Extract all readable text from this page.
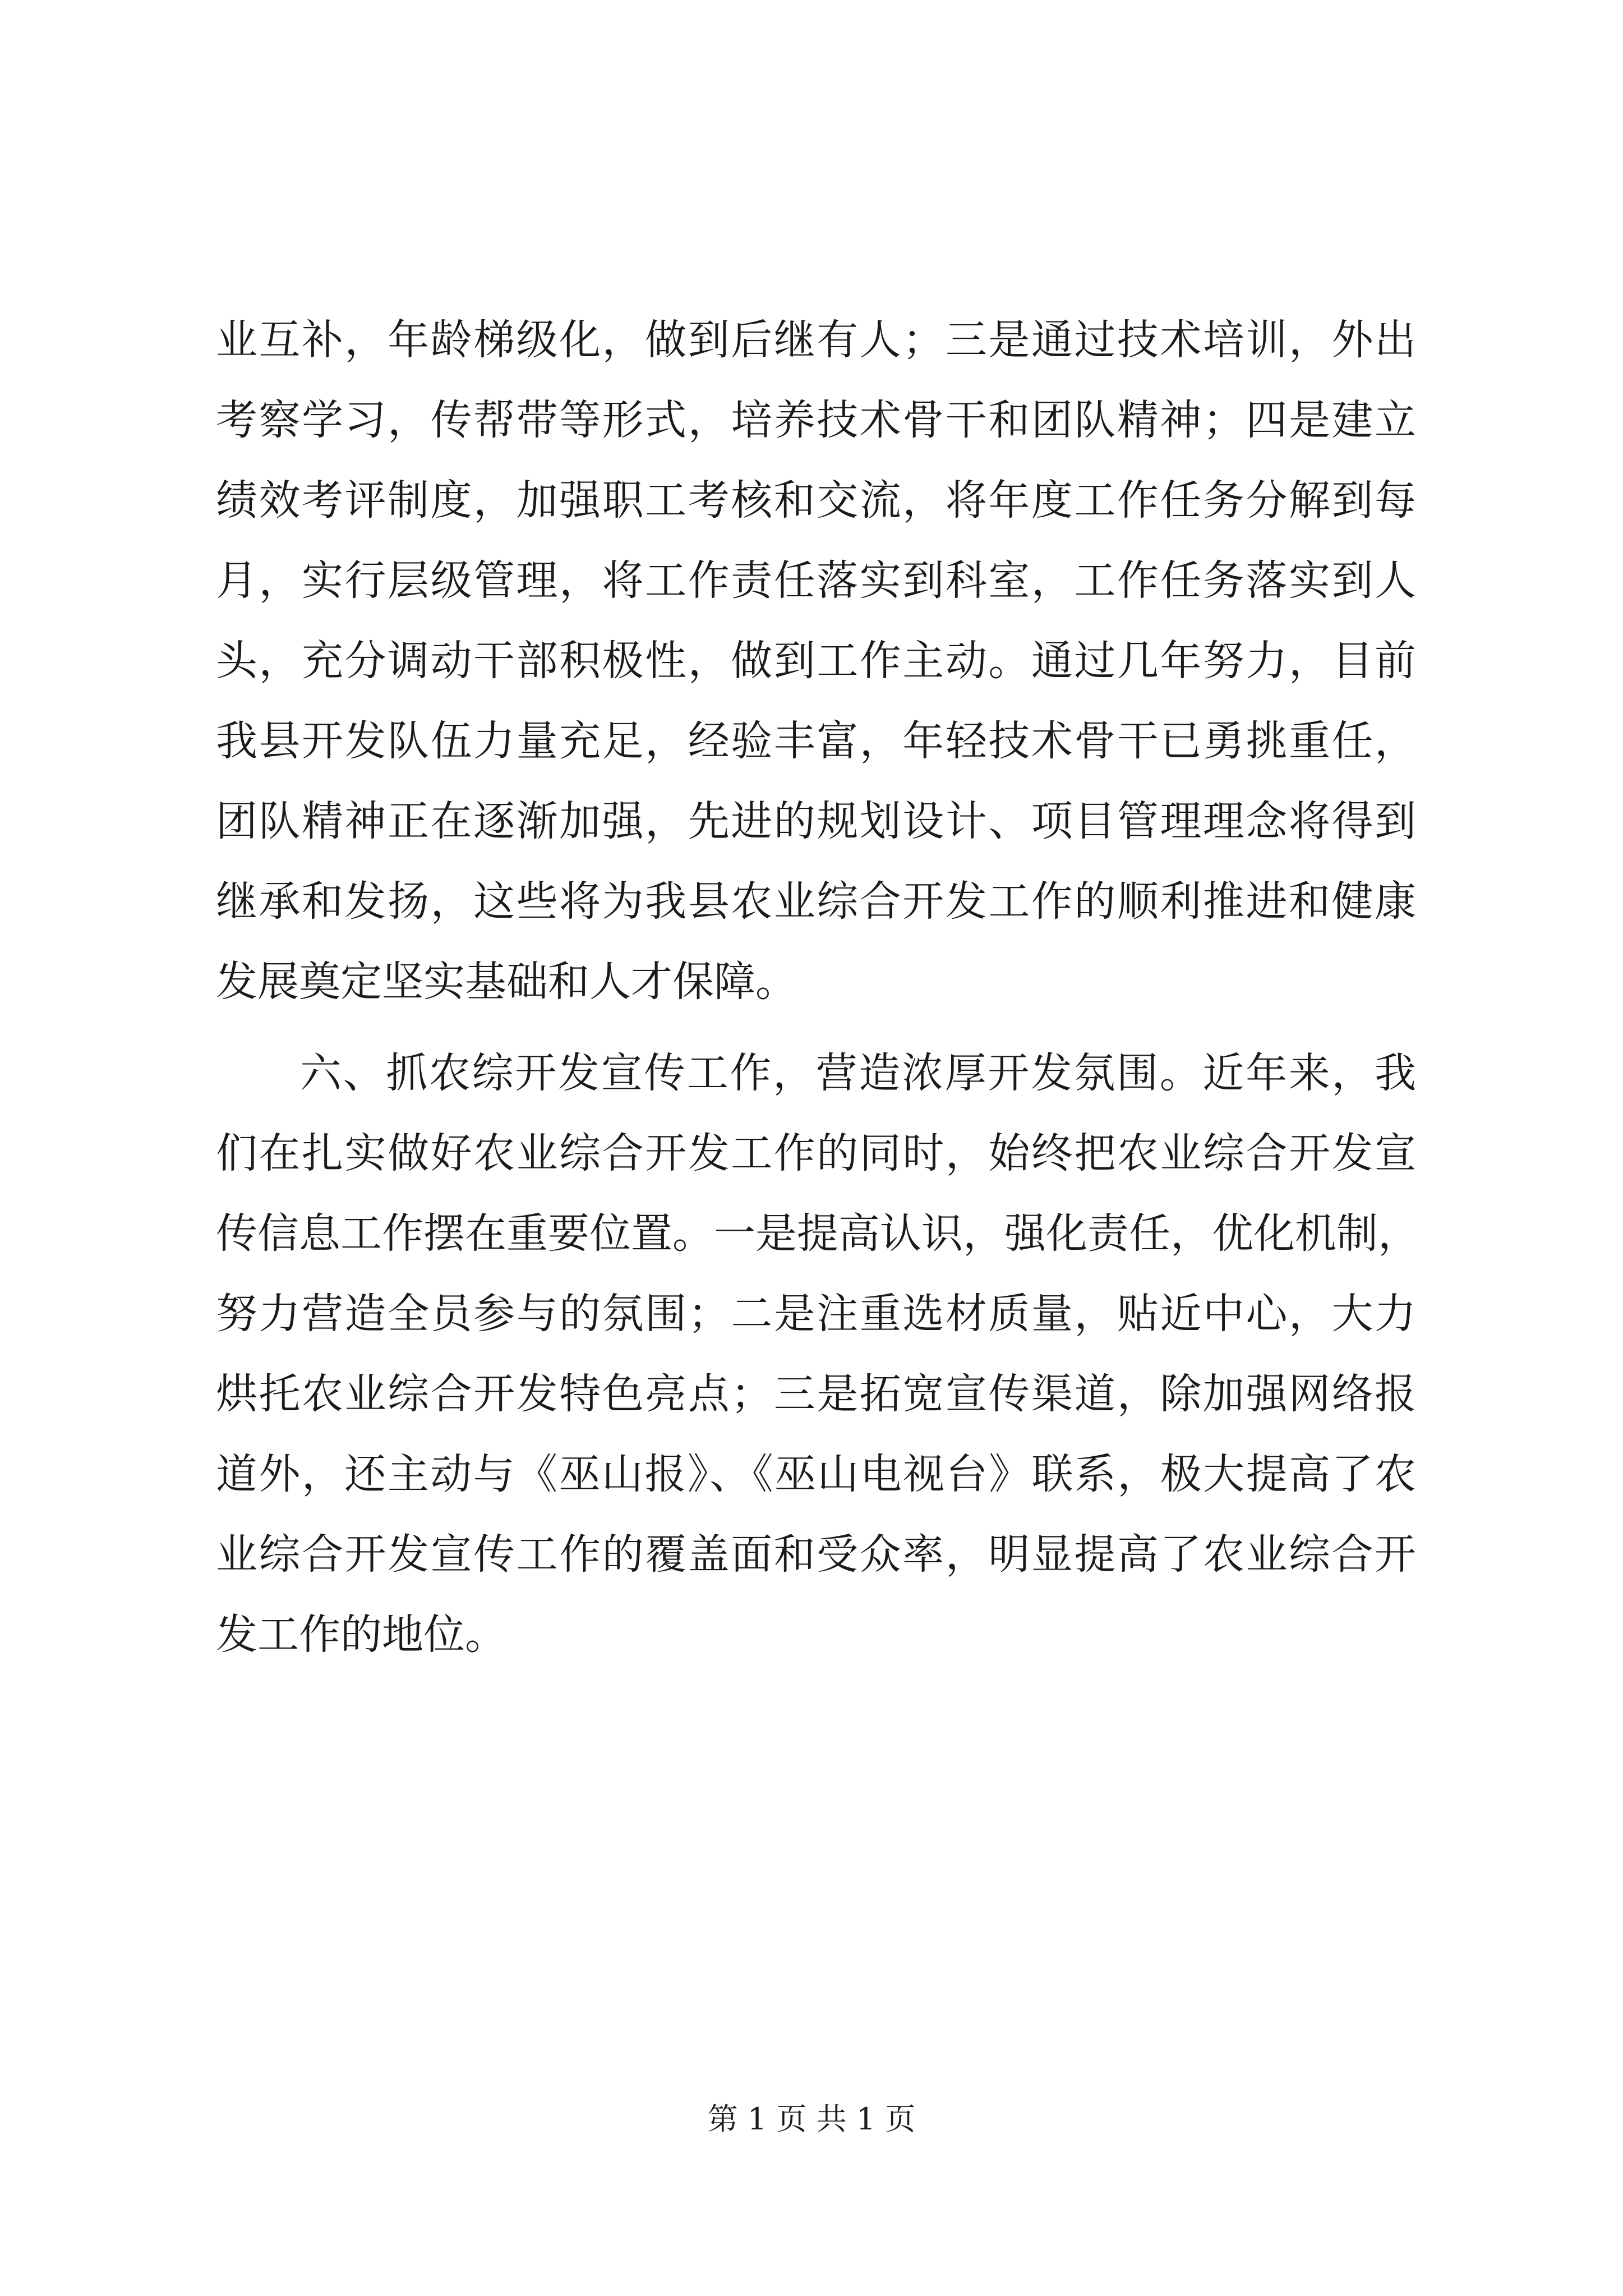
业互补，年龄梯级化，做到后继有人；三是通过技术培训，外出
考察学习，传帮带等形式，培养技术骨干和团队精神；四是建立
绩效考评制度，加强职工考核和交流，将年度工作任务分解到每
月，实行层级管理，将工作责任落实到科室，工作任务落实到人
头，充分调动干部积极性，做到工作主动。通过几年努力，目前
我县开发队伍力量充足，经验丰富，年轻技术骨干已勇挑重任，
团队精神正在逐渐加强，先进的规划设计、项目管理理念将得到
继承和发扬，这些将为我县农业综合开发工作的顺利推进和健康
发展奠定坚实基础和人才保障。
六、抓农综开发宣传工作，营造浓厚开发氛围。近年来，我
们在扎实做好农业综合开发工作的同时，始终把农业综合开发宣
传信息工作摆在重要位置。一是提高认识，强化责任，优化机制，
努力营造全员参与的氛围；二是注重选材质量，贴近中心，大力
烘托农业综合开发特色亮点；三是拓宽宣传渠道，除加强网络报
道外，还主动与《巫山报》、《巫山电视台》联系，极大提高了农
业综合开发宣传工作的覆盖面和受众率，明显提高了农业综合开
发工作的地位。
第 1 页 共 1 页
